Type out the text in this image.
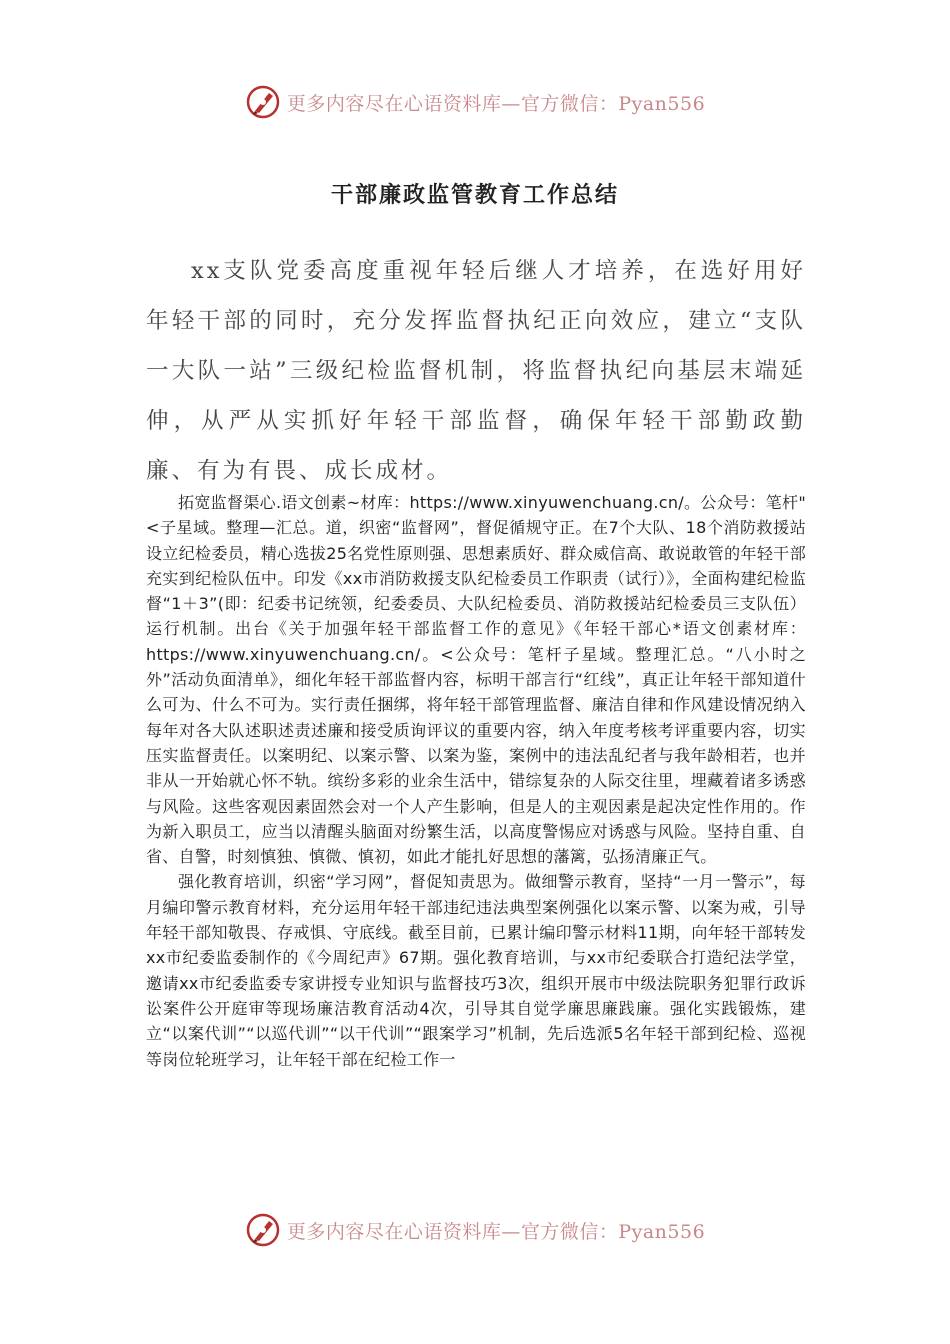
更多内容尽在心语资料库—官方微信：Pyan556
干部廉政监管教育工作总结

xx支队党委高度重视年轻后继人才培养，在选好用好年轻干部的同时，充分发挥监督执纪正向效应，建立“支队一大队一站”三级纪检监督机制，将监督执纪向基层末端延伸，从严从实抓好年轻干部监督，确保年轻干部勤政勤廉、有为有畏、成长成材。

拓宽监督渠心.语文创素~材库：https://www.xinyuwenchuang.cn/。公众号：笔杆"<子星域。整理—汇总。道，织密“监督网”，督促循规守正。在7个大队、18个消防救援站设立纪检委员，精心选拔25名党性原则强、思想素质好、群众威信高、敢说敢管的年轻干部充实到纪检队伍中。印发《xx市消防救援支队纪检委员工作职责（试行）》，全面构建纪检监督“1＋3”(即：纪委书记统领，纪委委员、大队纪检委员、消防救援站纪检委员三支队伍）运行机制。出台《关于加强年轻干部监督工作的意见》《年轻干部心*语文创素材库：https://www.xinyuwenchuang.cn/。<公众号：笔杆子星域。整理汇总。“八小时之外”活动负面清单》，细化年轻干部监督内容，标明干部言行“红线”，真正让年轻干部知道什么可为、什么不可为。实行责任捆绑，将年轻干部管理监督、廉洁自律和作风建设情况纳入每年对各大队述职述责述廉和接受质询评议的重要内容，纳入年度考核考评重要内容，切实压实监督责任。以案明纪、以案示警、以案为鉴，案例中的违法乱纪者与我年龄相若，也并非从一开始就心怀不轨。缤纷多彩的业余生活中，错综复杂的人际交往里，埋藏着诸多诱惑与风险。这些客观因素固然会对一个人产生影响，但是人的主观因素是起决定性作用的。作为新入职员工，应当以清醒头脑面对纷繁生活，以高度警惕应对诱惑与风险。坚持自重、自省、自警，时刻慎独、慎微、慎初，如此才能扎好思想的藩篱，弘扬清廉正气。

强化教育培训，织密“学习网”，督促知责思为。做细警示教育，坚持“一月一警示”，每月编印警示教育材料，充分运用年轻干部违纪违法典型案例强化以案示警、以案为戒，引导年轻干部知敬畏、存戒惧、守底线。截至目前，已累计编印警示材料11期，向年轻干部转发xx市纪委监委制作的《今周纪声》67期。强化教育培训，与xx市纪委联合打造纪法学堂，邀请xx市纪委监委专家讲授专业知识与监督技巧3次，组织开展市中级法院职务犯罪行政诉讼案件公开庭审等现场廉洁教育活动4次，引导其自觉学廉思廉践廉。强化实践锻炼，建立“以案代训”“以巡代训”“以干代训”“跟案学习”机制，先后选派5名年轻干部到纪检、巡视等岗位轮班学习，让年轻干部在纪检工作一

更多内容尽在心语资料库—官方微信：Pyan556
